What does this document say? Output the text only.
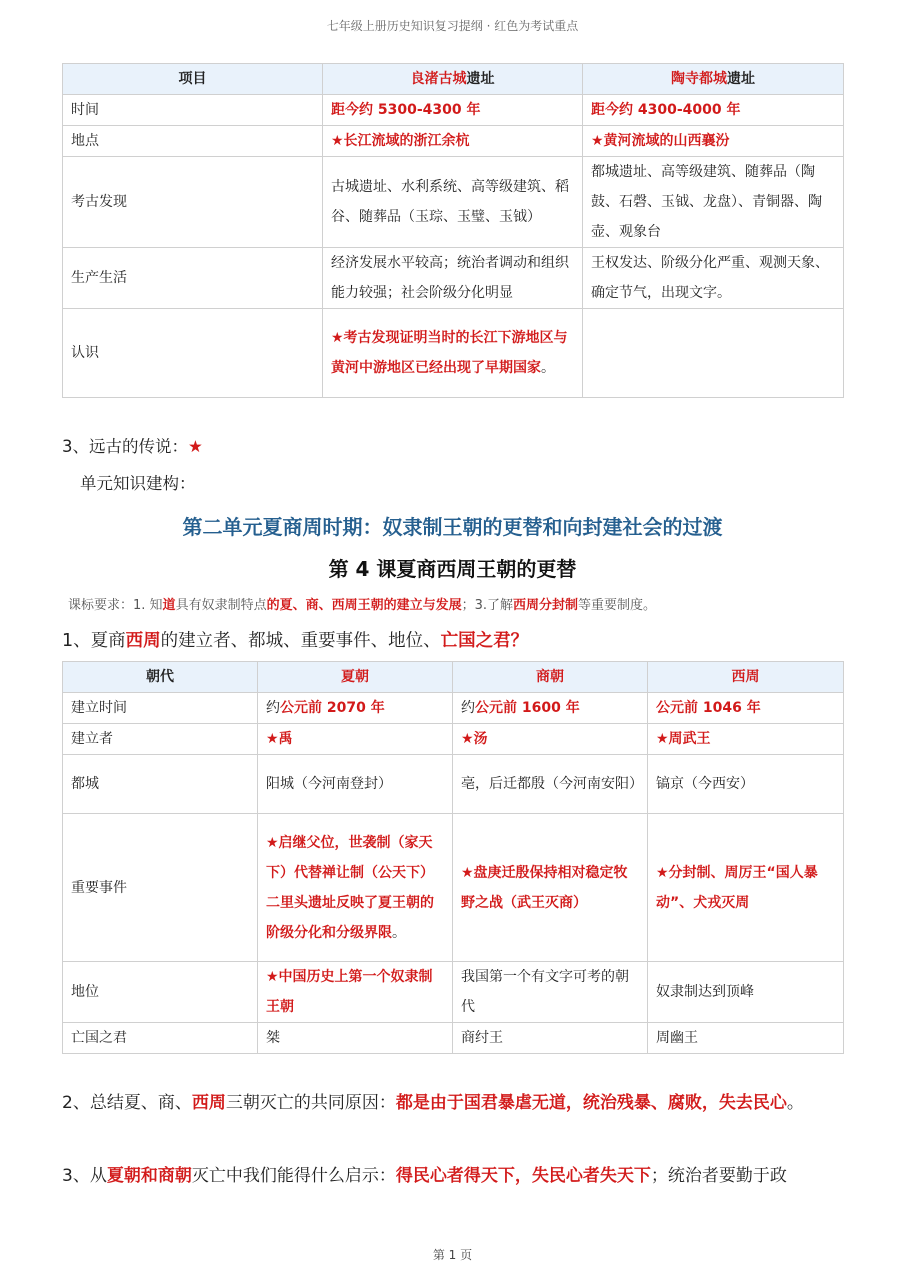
七年级上册历史知识复习提纲 · 红色为考试重点
项目	良渚古城遗址	陶寺都城遗址
时间	距今约 5300-4300 年	距今约 4300-4000 年
地点	★长江流域的浙江余杭	★黄河流域的山西襄汾
考古发现	古城遗址、水利系统、高等级建筑、稻谷、随葬品（玉琮、玉璧、玉钺）	都城遗址、高等级建筑、随葬品（陶鼓、石磬、玉钺、龙盘）、青铜器、陶壶、观象台
生产生活	经济发展水平较高；统治者调动和组织能力较强；社会阶级分化明显	王权发达、阶级分化严重、观测天象、确定节气，出现文字。
认识	★考古发现证明当时的长江下游地区与黄河中游地区已经出现了早期国家。	
3、远古的传说：★
单元知识建构：
第二单元夏商周时期：奴隶制王朝的更替和向封建社会的过渡
第 4 课夏商西周王朝的更替
课标要求：1. 知道具有奴隶制特点的夏、商、西周王朝的建立与发展；3.了解西周分封制等重要制度。
1、夏商西周的建立者、都城、重要事件、地位、亡国之君？
朝代	夏朝	商朝	西周
建立时间	约公元前 2070 年	约公元前 1600 年	公元前 1046 年
建立者	★禹	★汤	★周武王
都城	阳城（今河南登封）	亳，后迁都殷（今河南安阳）	镐京（今西安）
重要事件	★启继父位，世袭制（家天下）代替禅让制（公天下） 二里头遗址反映了夏王朝的阶级分化和分级界限。	★盘庚迁殷保持相对稳定牧野之战（武王灭商）	★分封制、周厉王“国人暴动”、犬戎灭周
地位	★中国历史上第一个奴隶制王朝	我国第一个有文字可考的朝代	奴隶制达到顶峰
亡国之君	桀	商纣王	周幽王
2、总结夏、商、西周三朝灭亡的共同原因：都是由于国君暴虐无道，统治残暴、腐败，失去民心。
3、从夏朝和商朝灭亡中我们能得什么启示：得民心者得天下，失民心者失天下；统治者要勤于政
第 1 页
